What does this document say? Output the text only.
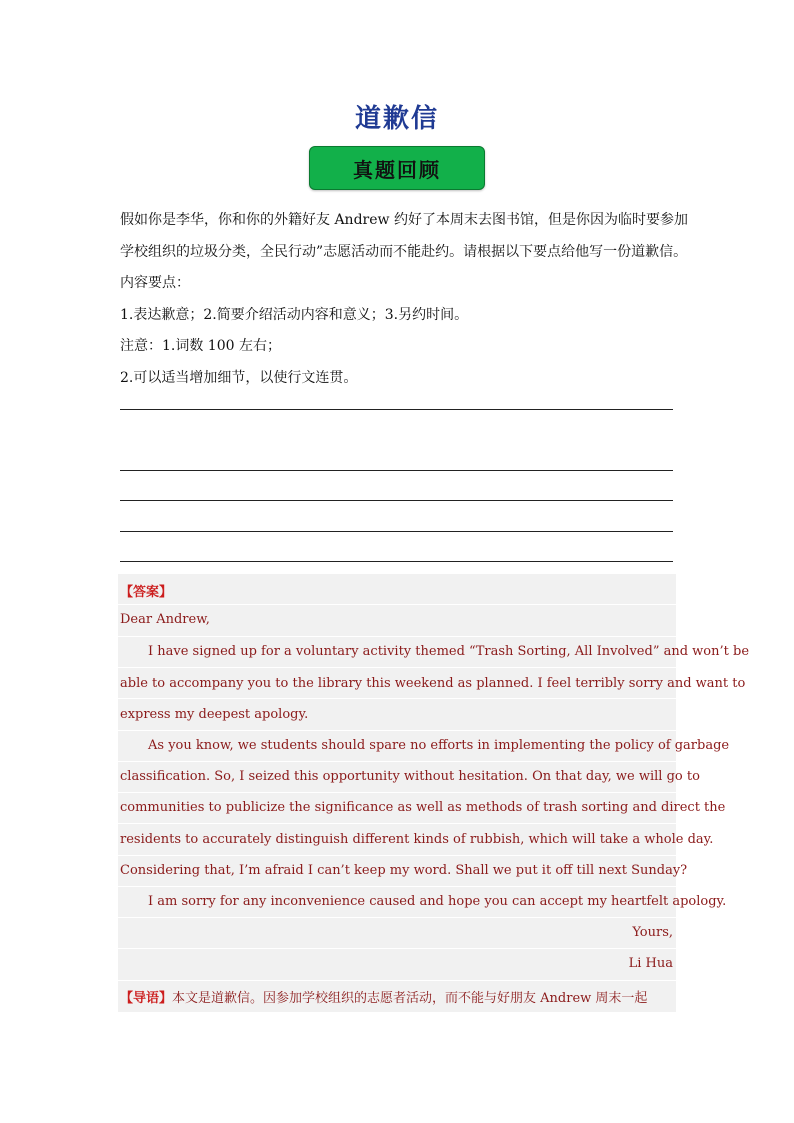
道歉信
真题回顾

假如你是李华，你和你的外籍好友 Andrew 约好了本周末去图书馆，但是你因为临时要参加

学校组织的垃圾分类，全民行动”志愿活动而不能赴约。请根据以下要点给他写一份道歉信。

内容要点：

1.表达歉意；2.简要介绍活动内容和意义；3.另约时间。

注意：1.词数 100 左右；

2.可以适当增加细节，以使行文连贯。

【答案】
Dear Andrew,
I have signed up for a voluntary activity themed “Trash Sorting, All Involved” and won’t be
able to accompany you to the library this weekend as planned. I feel terribly sorry and want to
express my deepest apology.
As you know, we students should spare no efforts in implementing the policy of garbage
classification. So, I seized this opportunity without hesitation. On that day, we will go to
communities to publicize the significance as well as methods of trash sorting and direct the
residents to accurately distinguish different kinds of rubbish, which will take a whole day.
Considering that, I’m afraid I can’t keep my word. Shall we put it off till next Sunday?
I am sorry for any inconvenience caused and hope you can accept my heartfelt apology.
Yours,
Li Hua
【导语】本文是道歉信。因参加学校组织的志愿者活动，而不能与好朋友 Andrew 周末一起
